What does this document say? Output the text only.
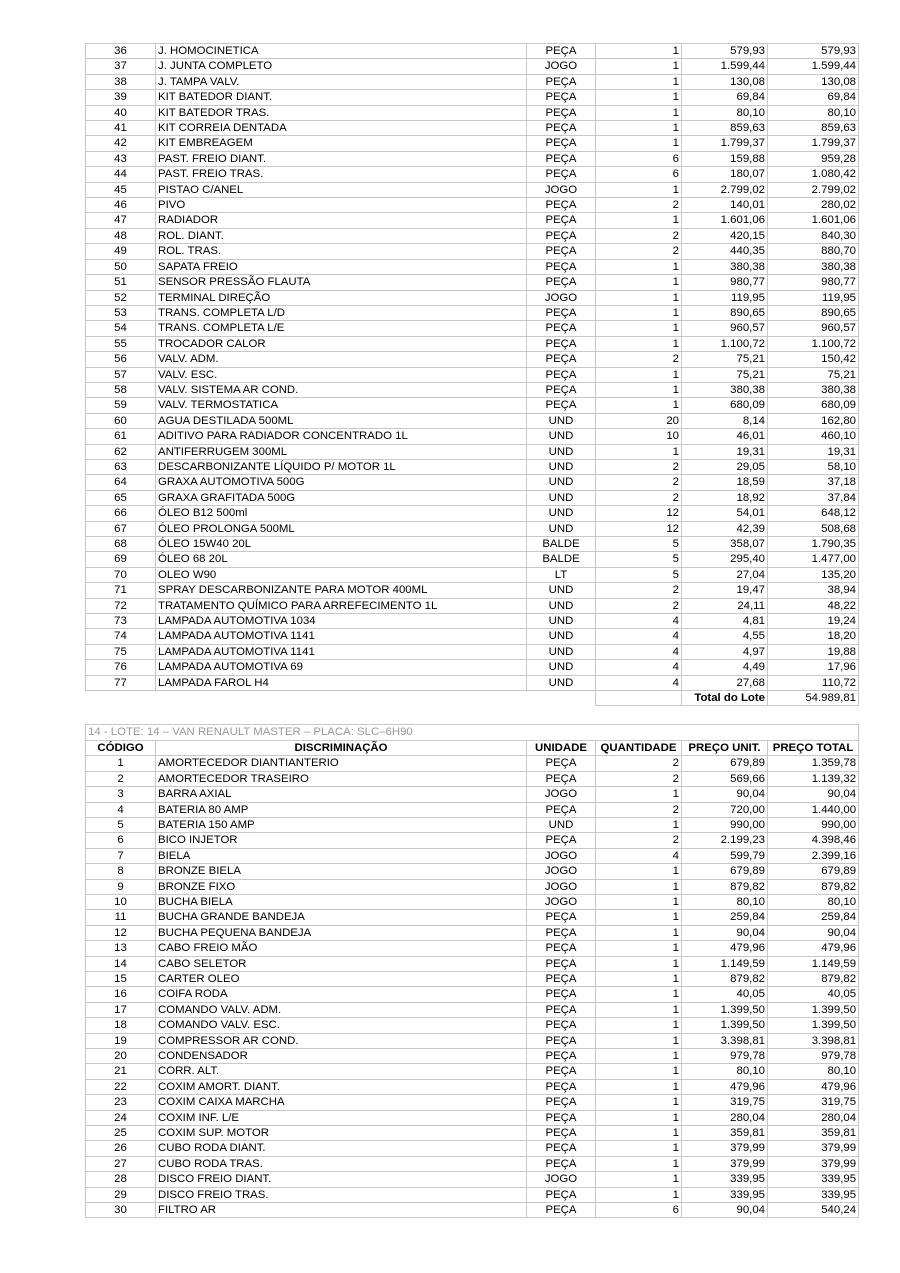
36	J. HOMOCINETICA	PEÇA	1	579,93	579,93
37	J. JUNTA COMPLETO	JOGO	1	1.599,44	1.599,44
38	J. TAMPA VALV.	PEÇA	1	130,08	130,08
39	KIT BATEDOR DIANT.	PEÇA	1	69,84	69,84
40	KIT BATEDOR TRAS.	PEÇA	1	80,10	80,10
41	KIT CORREIA DENTADA	PEÇA	1	859,63	859,63
42	KIT EMBREAGEM	PEÇA	1	1.799,37	1.799,37
43	PAST. FREIO DIANT.	PEÇA	6	159,88	959,28
44	PAST. FREIO TRAS.	PEÇA	6	180,07	1.080,42
45	PISTAO C/ANEL	JOGO	1	2.799,02	2.799,02
46	PIVO	PEÇA	2	140,01	280,02
47	RADIADOR	PEÇA	1	1.601,06	1.601,06
48	ROL. DIANT.	PEÇA	2	420,15	840,30
49	ROL. TRAS.	PEÇA	2	440,35	880,70
50	SAPATA FREIO	PEÇA	1	380,38	380,38
51	SENSOR PRESSÃO FLAUTA	PEÇA	1	980,77	980,77
52	TERMINAL DIREÇÃO	JOGO	1	119,95	119,95
53	TRANS. COMPLETA L/D	PEÇA	1	890,65	890,65
54	TRANS. COMPLETA L/E	PEÇA	1	960,57	960,57
55	TROCADOR CALOR	PEÇA	1	1.100,72	1.100,72
56	VALV. ADM.	PEÇA	2	75,21	150,42
57	VALV. ESC.	PEÇA	1	75,21	75,21
58	VALV. SISTEMA AR COND.	PEÇA	1	380,38	380,38
59	VALV. TERMOSTATICA	PEÇA	1	680,09	680,09
60	AGUA DESTILADA 500ML	UND	20	8,14	162,80
61	ADITIVO PARA RADIADOR CONCENTRADO 1L	UND	10	46,01	460,10
62	ANTIFERRUGEM 300ML	UND	1	19,31	19,31
63	DESCARBONIZANTE LÍQUIDO P/ MOTOR 1L	UND	2	29,05	58,10
64	GRAXA AUTOMOTIVA 500G	UND	2	18,59	37,18
65	GRAXA GRAFITADA 500G	UND	2	18,92	37,84
66	ÓLEO B12 500ml	UND	12	54,01	648,12
67	ÓLEO PROLONGA 500ML	UND	12	42,39	508,68
68	ÓLEO 15W40 20L	BALDE	5	358,07	1.790,35
69	ÓLEO 68 20L	BALDE	5	295,40	1.477,00
70	OLEO W90	LT	5	27,04	135,20
71	SPRAY DESCARBONIZANTE PARA MOTOR 400ML	UND	2	19,47	38,94
72	TRATAMENTO QUÍMICO PARA ARREFECIMENTO 1L	UND	2	24,11	48,22
73	LAMPADA AUTOMOTIVA 1034	UND	4	4,81	19,24
74	LAMPADA AUTOMOTIVA 1141	UND	4	4,55	18,20
75	LAMPADA AUTOMOTIVA 1141	UND	4	4,97	19,88
76	LAMPADA AUTOMOTIVA 69	UND	4	4,49	17,96
77	LAMPADA FAROL H4	UND	4	27,68	110,72
				Total do Lote	54.989,81
14 - LOTE: 14 – VAN RENAULT MASTER – PLACA: SLC–6H90					
CÓDIGO	DISCRIMINAÇÃO	UNIDADE	QUANTIDADE	PREÇO UNIT.	PREÇO TOTAL
1	AMORTECEDOR DIANTIANTERIO	PEÇA	2	679,89	1.359,78
2	AMORTECEDOR TRASEIRO	PEÇA	2	569,66	1.139,32
3	BARRA AXIAL	JOGO	1	90,04	90,04
4	BATERIA 80 AMP	PEÇA	2	720,00	1.440,00
5	BATERIA 150 AMP	UND	1	990,00	990,00
6	BICO INJETOR	PEÇA	2	2.199,23	4.398,46
7	BIELA	JOGO	4	599,79	2.399,16
8	BRONZE BIELA	JOGO	1	679,89	679,89
9	BRONZE FIXO	JOGO	1	879,82	879,82
10	BUCHA BIELA	JOGO	1	80,10	80,10
11	BUCHA GRANDE BANDEJA	PEÇA	1	259,84	259,84
12	BUCHA PEQUENA BANDEJA	PEÇA	1	90,04	90,04
13	CABO FREIO MÃO	PEÇA	1	479,96	479,96
14	CABO SELETOR	PEÇA	1	1.149,59	1.149,59
15	CARTER OLEO	PEÇA	1	879,82	879,82
16	COIFA RODA	PEÇA	1	40,05	40,05
17	COMANDO VALV. ADM.	PEÇA	1	1.399,50	1.399,50
18	COMANDO VALV. ESC.	PEÇA	1	1.399,50	1.399,50
19	COMPRESSOR AR COND.	PEÇA	1	3.398,81	3.398,81
20	CONDENSADOR	PEÇA	1	979,78	979,78
21	CORR. ALT.	PEÇA	1	80,10	80,10
22	COXIM AMORT. DIANT.	PEÇA	1	479,96	479,96
23	COXIM CAIXA MARCHA	PEÇA	1	319,75	319,75
24	COXIM INF. L/E	PEÇA	1	280,04	280,04
25	COXIM SUP. MOTOR	PEÇA	1	359,81	359,81
26	CUBO RODA DIANT.	PEÇA	1	379,99	379,99
27	CUBO RODA TRAS.	PEÇA	1	379,99	379,99
28	DISCO FREIO DIANT.	JOGO	1	339,95	339,95
29	DISCO FREIO TRAS.	PEÇA	1	339,95	339,95
30	FILTRO AR	PEÇA	6	90,04	540,24
